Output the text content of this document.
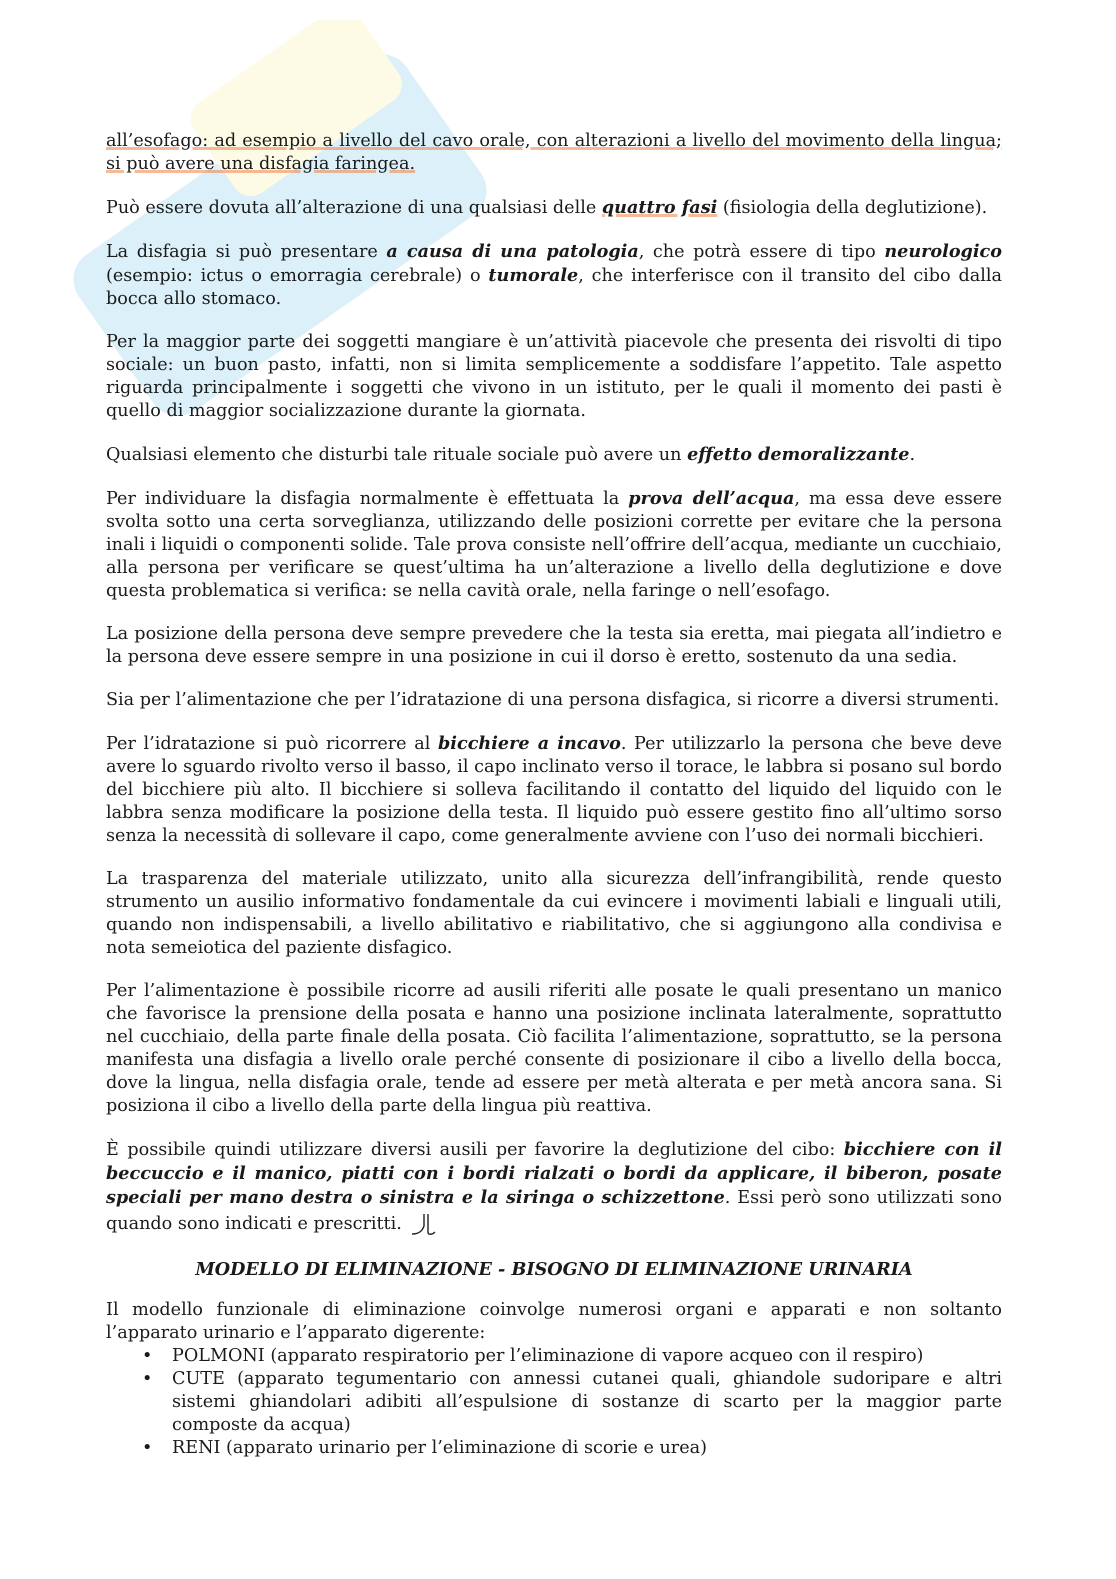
all’esofago: ad esempio a livello del cavo orale, con alterazioni a livello del movimento della lingua; si può avere una disfagia faringea.

Può essere dovuta all’alterazione di una qualsiasi delle quattro fasi (fisiologia della deglutizione).

La disfagia si può presentare a causa di una patologia, che potrà essere di tipo neurologico (esempio: ictus o emorragia cerebrale) o tumorale, che interferisce con il transito del cibo dalla bocca allo stomaco.

Per la maggior parte dei soggetti mangiare è un’attività piacevole che presenta dei risvolti di tipo sociale: un buon pasto, infatti, non si limita semplicemente a soddisfare l’appetito. Tale aspetto riguarda principalmente i soggetti che vivono in un istituto, per le quali il momento dei pasti è quello di maggior socializzazione durante la giornata.

Qualsiasi elemento che disturbi tale rituale sociale può avere un effetto demoralizzante.

Per individuare la disfagia normalmente è effettuata la prova dell’acqua, ma essa deve essere svolta sotto una certa sorveglianza, utilizzando delle posizioni corrette per evitare che la persona inali i liquidi o componenti solide. Tale prova consiste nell’offrire dell’acqua, mediante un cucchiaio, alla persona per verificare se quest’ultima ha un’alterazione a livello della deglutizione e dove questa problematica si verifica: se nella cavità orale, nella faringe o nell’esofago.

La posizione della persona deve sempre prevedere che la testa sia eretta, mai piegata all’indietro e la persona deve essere sempre in una posizione in cui il dorso è eretto, sostenuto da una sedia.

Sia per l’alimentazione che per l’idratazione di una persona disfagica, si ricorre a diversi strumenti.

Per l’idratazione si può ricorrere al bicchiere a incavo. Per utilizzarlo la persona che beve deve avere lo sguardo rivolto verso il basso, il capo inclinato verso il torace, le labbra si posano sul bordo del bicchiere più alto. Il bicchiere si solleva facilitando il contatto del liquido del liquido con le labbra senza modificare la posizione della testa. Il liquido può essere gestito fino all’ultimo sorso senza la necessità di sollevare il capo, come generalmente avviene con l’uso dei normali bicchieri.

La trasparenza del materiale utilizzato, unito alla sicurezza dell’infrangibilità, rende questo strumento un ausilio informativo fondamentale da cui evincere i movimenti labiali e linguali utili, quando non indispensabili, a livello abilitativo e riabilitativo, che si aggiungono alla condivisa e nota semeiotica del paziente disfagico.

Per l’alimentazione è possibile ricorre ad ausili riferiti alle posate le quali presentano un manico che favorisce la prensione della posata e hanno una posizione inclinata lateralmente, soprattutto nel cucchiaio, della parte finale della posata. Ciò facilita l’alimentazione, soprattutto, se la persona manifesta una disfagia a livello orale perché consente di posizionare il cibo a livello della bocca, dove la lingua, nella disfagia orale, tende ad essere per metà alterata e per metà ancora sana. Si posiziona il cibo a livello della parte della lingua più reattiva.

È possibile quindi utilizzare diversi ausili per favorire la deglutizione del cibo: bicchiere con il beccuccio e il manico, piatti con i bordi rialzati o bordi da applicare, il biberon, posate speciali per mano destra o sinistra e la siringa o schizzettone. Essi però sono utilizzati sono quando sono indicati e prescritti.

MODELLO DI ELIMINAZIONE - BISOGNO DI ELIMINAZIONE URINARIA

Il modello funzionale di eliminazione coinvolge numerosi organi e apparati e non soltanto l’apparato urinario e l’apparato digerente:

• POLMONI (apparato respiratorio per l’eliminazione di vapore acqueo con il respiro)
• CUTE (apparato tegumentario con annessi cutanei quali, ghiandole sudoripare e altri sistemi ghiandolari adibiti all’espulsione di sostanze di scarto per la maggior parte composte da acqua)
• RENI (apparato urinario per l’eliminazione di scorie e urea)
